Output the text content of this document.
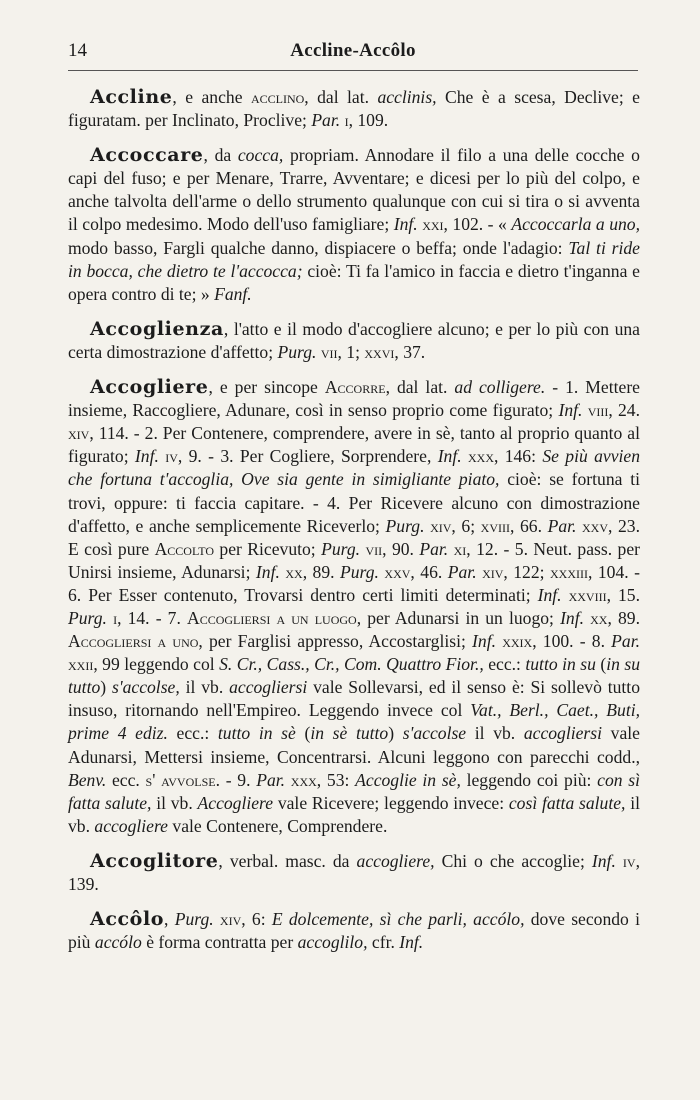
14	Accline-Accôlo

Accline, e anche acclino, dal lat. acclinis, Che è a scesa, Declive; e figuratam. per Inclinato, Proclive; Par. i, 109.

Accoccare, da cocca, propriam. Annodare il filo a una delle cocche o capi del fuso; e per Menare, Trarre, Avventare; e dicesi per lo più del colpo, e anche talvolta dell'arme o dello strumento qualunque con cui si tira o si avventa il colpo medesimo. Modo dell'uso famigliare; Inf. xxi, 102. - « Accoccarla a uno, modo basso, Fargli qualche danno, dispiacere o beffa; onde l'adagio: Tal ti ride in bocca, che dietro te l'accocca; cioè: Ti fa l'amico in faccia e dietro t'inganna e opera contro di te; » Fanf.

Accoglienza, l'atto e il modo d'accogliere alcuno; e per lo più con una certa dimostrazione d'affetto; Purg. vii, 1; xxvi, 37.

Accogliere, e per sincope Accorre, dal lat. ad colligere. - 1. Mettere insieme, Raccogliere, Adunare, così in senso proprio come figurato; Inf. viii, 24. xiv, 114. - 2. Per Contenere, comprendere, avere in sè, tanto al proprio quanto al figurato; Inf. iv, 9. - 3. Per Cogliere, Sorprendere, Inf. xxx, 146: Se più avvien che fortuna t'accoglia, Ove sia gente in simigliante piato, cioè: se fortuna ti trovi, oppure: ti faccia capitare. - 4. Per Ricevere alcuno con dimostrazione d'affetto, e anche semplicemente Riceverlo; Purg. xiv, 6; xviii, 66. Par. xxv, 23. E così pure Accolto per Ricevuto; Purg. vii, 90. Par. xi, 12. - 5. Neut. pass. per Unirsi insieme, Adunarsi; Inf. xx, 89. Purg. xxv, 46. Par. xiv, 122; xxxiii, 104. - 6. Per Esser contenuto, Trovarsi dentro certi limiti determinati; Inf. xxviii, 15. Purg. i, 14. - 7. Accogliersi a un luogo, per Adunarsi in un luogo; Inf. xx, 89. Accogliersi a uno, per Farglisi appresso, Accostarglisi; Inf. xxix, 100. - 8. Par. xxii, 99 leggendo col S. Cr., Cass., Cr., Com. Quattro Fior., ecc.: tutto in su (in su tutto) s'accolse, il vb. accogliersi vale Sollevarsi, ed il senso è: Si sollevò tutto insuso, ritornando nell'Empireo. Leggendo invece col Vat., Berl., Caet., Buti, prime 4 ediz. ecc.: tutto in sè (in sè tutto) s'accolse il vb. accogliersi vale Adunarsi, Mettersi insieme, Concentrarsi. Alcuni leggono con parecchi codd., Benv. ecc. s' avvolse. - 9. Par. xxx, 53: Accoglie in sè, leggendo coi più: con sì fatta salute, il vb. Accogliere vale Ricevere; leggendo invece: così fatta salute, il vb. accogliere vale Contenere, Comprendere.

Accoglitore, verbal. masc. da accogliere, Chi o che accoglie; Inf. iv, 139.

Accôlo, Purg. xiv, 6: E dolcemente, sì che parli, accólo, dove secondo i più accólo è forma contratta per accoglilo, cfr. Inf.
